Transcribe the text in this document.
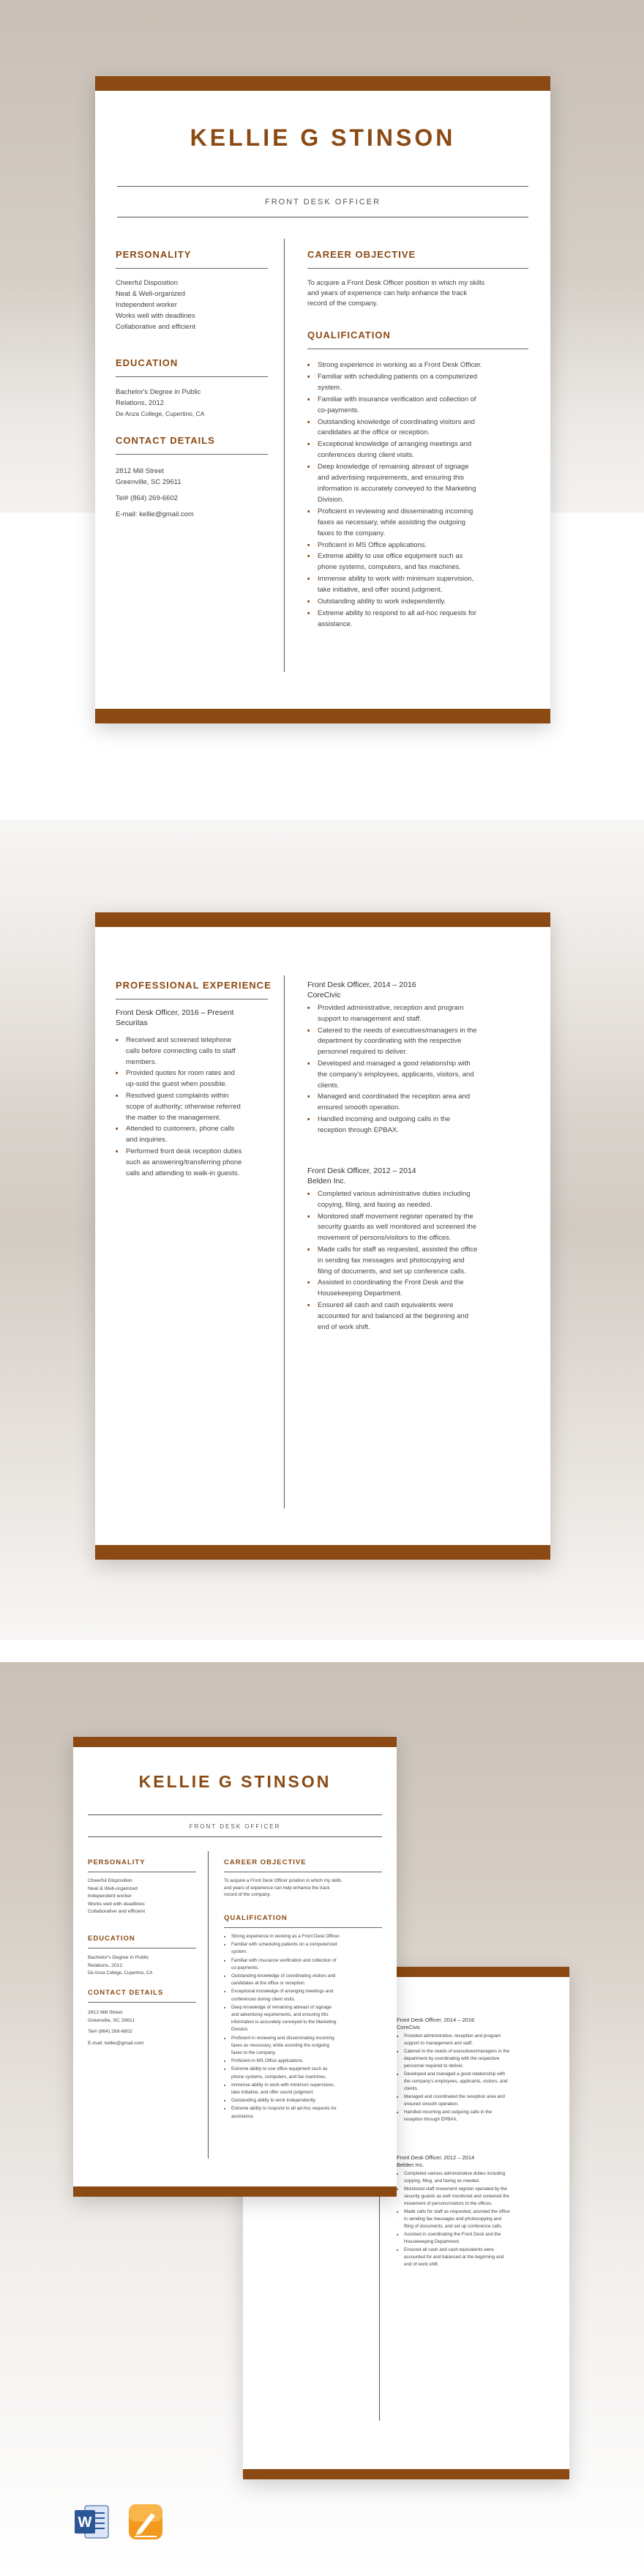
KELLIE G STINSON
FRONT DESK OFFICER
PERSONALITY
Cheerful Disposition
Neat & Well-organized
Independent worker
Works well with deadlines
Collaborative and efficient
EDUCATION
Bachelor's Degree in Public
Relations, 2012
De Anza College, Cupertino, CA
CONTACT DETAILS
2812 Mill Street
Greenville, SC 29611
Tel# (864) 269-6602
E-mail: kellie@gmail.com
CAREER OBJECTIVE
To acquire a Front Desk Officer position in which my skills
and years of experience can help enhance the track
record of the company.
QUALIFICATION
■ Strong experience in working as a Front Desk Officer.
■ Familiar with scheduling patients on a computerized
system.
■ Familiar with insurance verification and collection of
co-payments.
■ Outstanding knowledge of coordinating visitors and
candidates at the office or reception.
■ Exceptional knowledge of arranging meetings and
conferences during client visits.
■ Deep knowledge of remaining abreast of signage
and advertising requirements, and ensuring this
information is accurately conveyed to the Marketing
Division.
■ Proficient in reviewing and disseminating incoming
faxes as necessary, while assisting the outgoing
faxes to the company.
■ Proficient in MS Office applications.
■ Extreme ability to use office equipment such as
phone systems, computers, and fax machines.
■ Immense ability to work with minimum supervision,
take initiative, and offer sound judgment.
■ Outstanding ability to work independently.
■ Extreme ability to respond to all ad-hoc requests for
assistance.
PROFESSIONAL EXPERIENCE
Front Desk Officer, 2016 – Present
Securitas
■ Received and screened telephone
calls before connecting calls to staff
members.
■ Provided quotes for room rates and
up-sold the guest when possible.
■ Resolved guest complaints within
scope of authority; otherwise referred
the matter to the management.
■ Attended to customers, phone calls
and inquiries.
■ Performed front desk reception duties
such as answering/transferring phone
calls and attending to walk-in guests.
Front Desk Officer, 2014 – 2016
CoreCivic
■ Provided administrative, reception and program
support to management and staff.
■ Catered to the needs of executives/managers in the
department by coordinating with the respective
personnel required to deliver.
■ Developed and managed a good relationship with
the company's employees, applicants, visitors, and
clients.
■ Managed and coordinated the reception area and
ensured smooth operation.
■ Handled incoming and outgoing calls in the
reception through EPBAX.
Front Desk Officer, 2012 – 2014
Belden Inc.
■ Completed various administrative duties including
copying, filing, and faxing as needed.
■ Monitored staff movement register operated by the
security guards as well monitored and screened the
movement of persons/visitors to the offices.
■ Made calls for staff as requested, assisted the office
in sending fax messages and photocopying and
filing of documents, and set up conference calls.
■ Assisted in coordinating the Front Desk and the
Housekeeping Department.
■ Ensured all cash and cash equivalents were
accounted for and balanced at the beginning and
end of work shift.
Front Desk Officer, 2014 – 2016
CoreCivic
■ Provided administrative, reception and program
support to management and staff.
■ Catered to the needs of executives/managers in the
department by coordinating with the respective
personnel required to deliver.
■ Developed and managed a good relationship with
the company's employees, applicants, visitors, and
clients.
■ Managed and coordinated the reception area and
ensured smooth operation.
■ Handled incoming and outgoing calls in the
reception through EPBAX.
Front Desk Officer, 2012 – 2014
Belden Inc.
■ Completed various administrative duties including
copying, filing, and faxing as needed.
■ Monitored staff movement register operated by the
security guards as well monitored and screened the
movement of persons/visitors to the offices.
■ Made calls for staff as requested, assisted the office
in sending fax messages and photocopying and
filing of documents, and set up conference calls.
■ Assisted in coordinating the Front Desk and the
Housekeeping Department.
■ Ensured all cash and cash equivalents were
accounted for and balanced at the beginning and
end of work shift.
KELLIE G STINSON
FRONT DESK OFFICER
PERSONALITY
Cheerful Disposition
Neat & Well-organized
Independent worker
Works well with deadlines
Collaborative and efficient
EDUCATION
Bachelor's Degree in Public
Relations, 2012
De Anza College, Cupertino, CA
CONTACT DETAILS
2812 Mill Street
Greenville, SC 29611
Tel# (864) 269-6602
E-mail: kellie@gmail.com
CAREER OBJECTIVE
To acquire a Front Desk Officer position in which my skills
and years of experience can help enhance the track
record of the company.
QUALIFICATION
■ Strong experience in working as a Front Desk Officer.
■ Familiar with scheduling patients on a computerized
system.
■ Familiar with insurance verification and collection of
co-payments.
■ Outstanding knowledge of coordinating visitors and
candidates at the office or reception.
■ Exceptional knowledge of arranging meetings and
conferences during client visits.
■ Deep knowledge of remaining abreast of signage
and advertising requirements, and ensuring this
information is accurately conveyed to the Marketing
Division.
■ Proficient in reviewing and disseminating incoming
faxes as necessary, while assisting the outgoing
faxes to the company.
■ Proficient in MS Office applications.
■ Extreme ability to use office equipment such as
phone systems, computers, and fax machines.
■ Immense ability to work with minimum supervision,
take initiative, and offer sound judgment.
■ Outstanding ability to work independently.
■ Extreme ability to respond to all ad-hoc requests for
assistance.
W
